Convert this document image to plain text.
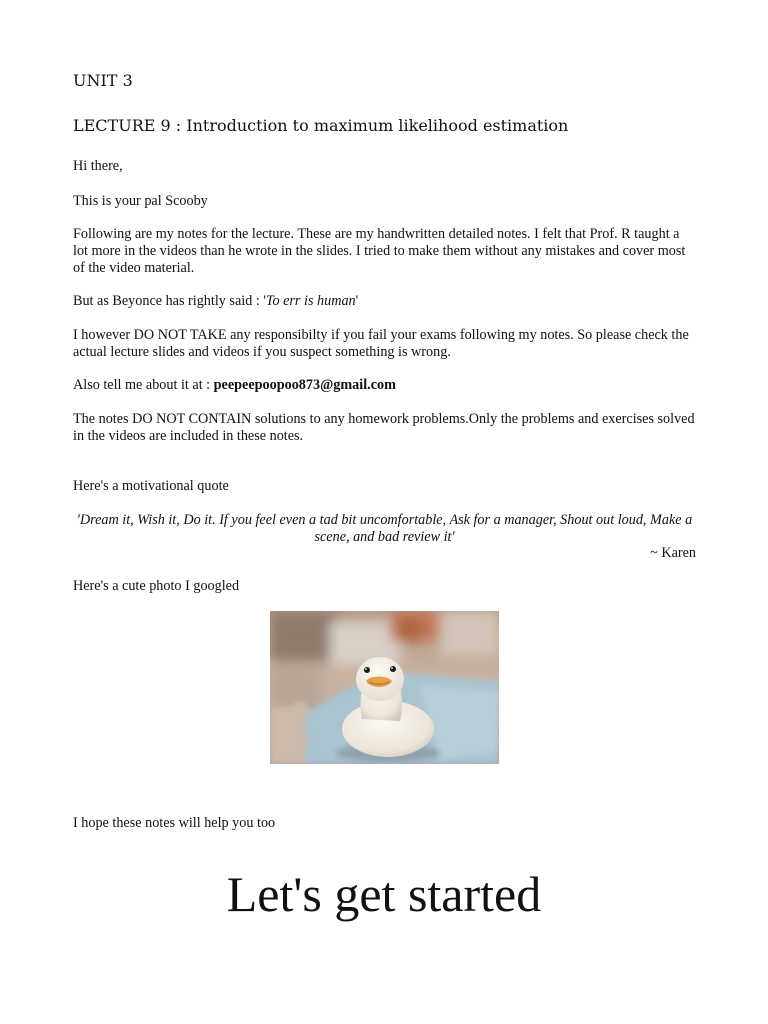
UNIT 3
LECTURE 9 : Introduction to maximum likelihood estimation

Hi there,

This is your pal Scooby

Following are my notes for the lecture. These are my handwritten detailed notes. I felt that Prof. R taught a lot more in the videos than he wrote in the slides. I tried to make them without any mistakes and cover most of the video material.

But as Beyonce has rightly said : 'To err is human'

I however DO NOT TAKE any responsibilty if you fail your exams following my notes. So please check the actual lecture slides and videos if you suspect something is wrong.

Also tell me about it at : peepeepoopoo873@gmail.com

The notes DO NOT CONTAIN solutions to any homework problems.Only the problems and exercises solved in the videos are included in these notes.

Here's a motivational quote

'Dream it, Wish it, Do it. If you feel even a tad bit uncomfortable, Ask for a manager, Shout out loud, Make a scene, and bad review it'
~ Karen

Here's a cute photo I googled

I hope these notes will help you too

Let's get started
